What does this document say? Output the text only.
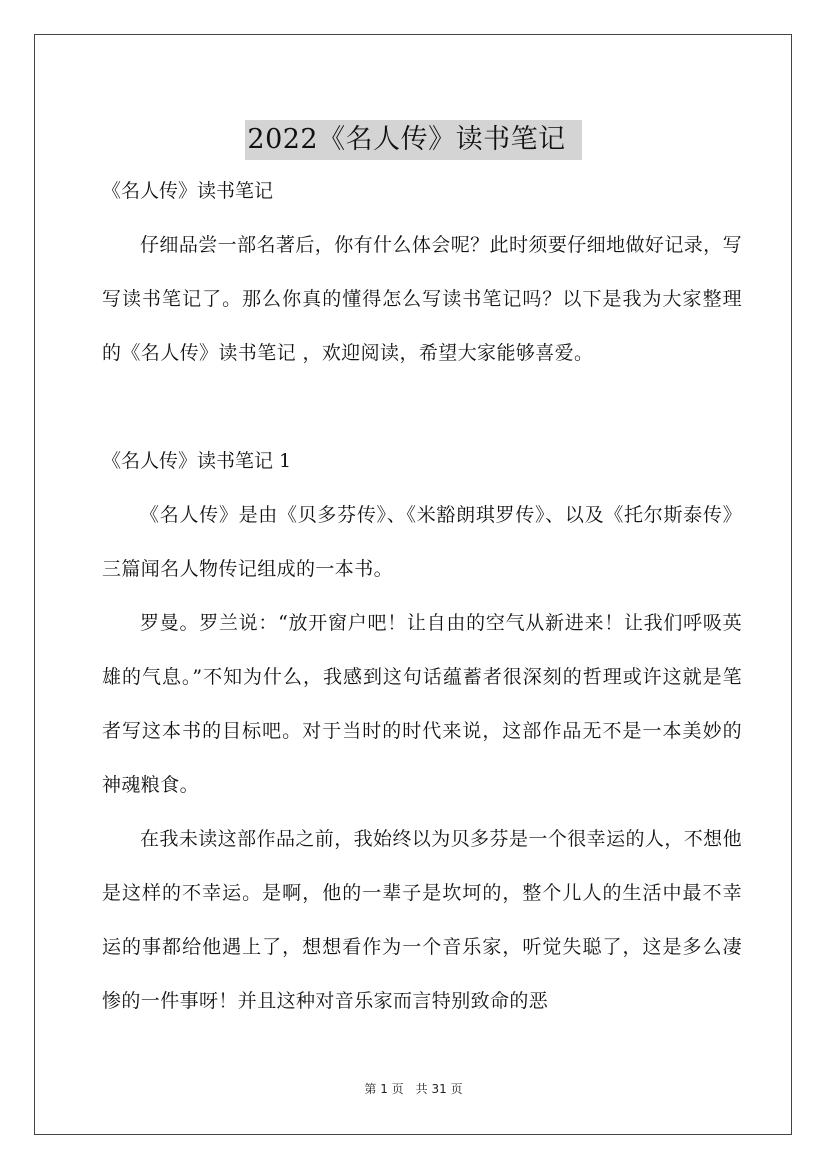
2022《名人传》读书笔记

《名人传》读书笔记

仔细品尝一部名著后，你有什么体会呢？此时须要仔细地做好记录，写写读书笔记了。那么你真的懂得怎么写读书笔记吗？以下是我为大家整理的《名人传》读书笔记 ，欢迎阅读，希望大家能够喜爱。

《名人传》读书笔记 1

《名人传》是由《贝多芬传》、《米豁朗琪罗传》、以及《托尔斯泰传》三篇闻名人物传记组成的一本书。

罗曼。罗兰说：“放开窗户吧！让自由的空气从新进来！让我们呼吸英雄的气息。”不知为什么，我感到这句话蕴蓄者很深刻的哲理或许这就是笔者写这本书的目标吧。对于当时的时代来说，这部作品无不是一本美妙的神魂粮食。

在我未读这部作品之前，我始终以为贝多芬是一个很幸运的人，不想他是这样的不幸运。是啊，他的一辈子是坎坷的，整个儿人的生活中最不幸运的事都给他遇上了，想想看作为一个音乐家，听觉失聪了，这是多么凄惨的一件事呀！并且这种对音乐家而言特别致命的恶

第 1 页　共 31 页
